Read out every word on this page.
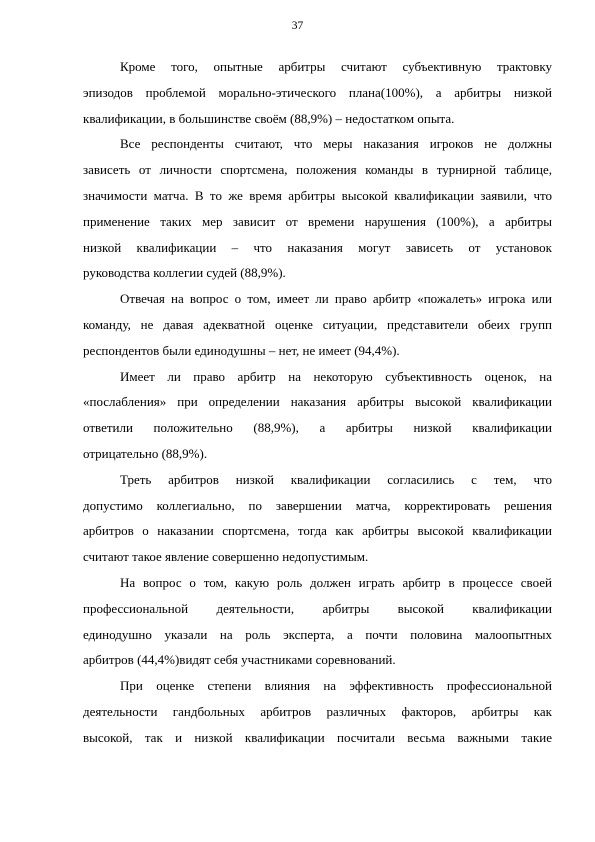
37
Кроме того, опытные арбитры считают субъективную трактовку
эпизодов проблемой морально-этического плана(100%), а арбитры низкой
квалификации, в большинстве своём (88,9%) – недостатком опыта.
Все респонденты считают, что меры наказания игроков не должны
зависеть от личности спортсмена, положения команды в турнирной таблице,
значимости матча. В то же время арбитры высокой квалификации заявили, что
применение таких мер зависит от времени нарушения (100%), а арбитры
низкой квалификации – что наказания могут зависеть от установок
руководства коллегии судей (88,9%).
Отвечая на вопрос о том, имеет ли право арбитр «пожалеть» игрока или
команду, не давая адекватной оценке ситуации, представители обеих групп
респондентов были единодушны – нет, не имеет (94,4%).
Имеет ли право арбитр на некоторую субъективность оценок, на
«послабления» при определении наказания арбитры высокой квалификации
ответили положительно (88,9%), а арбитры низкой квалификации
отрицательно (88,9%).
Треть арбитров низкой квалификации согласились с тем, что
допустимо коллегиально, по завершении матча, корректировать решения
арбитров о наказании спортсмена, тогда как арбитры высокой квалификации
считают такое явление совершенно недопустимым.
На вопрос о том, какую роль должен играть арбитр в процессе своей
профессиональной деятельности, арбитры высокой квалификации
единодушно указали на роль эксперта, а почти половина малоопытных
арбитров (44,4%)видят себя участниками соревнований.
При оценке степени влияния на эффективность профессиональной
деятельности гандбольных арбитров различных факторов, арбитры как
высокой, так и низкой квалификации посчитали весьма важными такие
